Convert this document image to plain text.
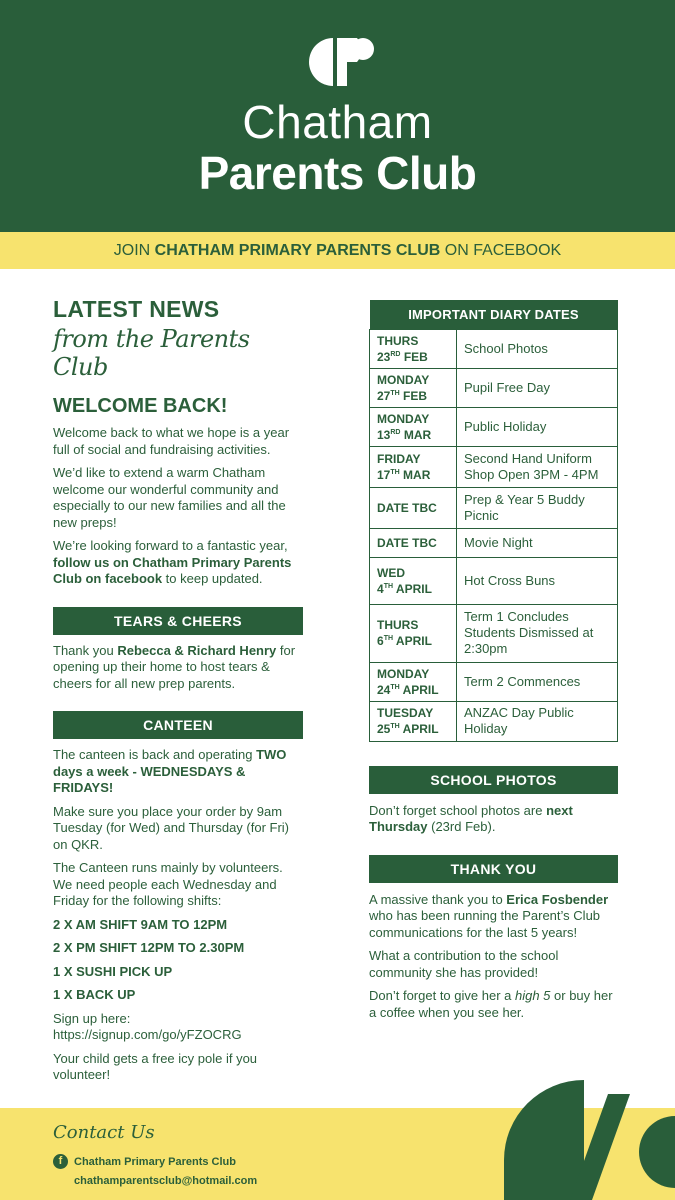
Chatham
Parents Club
JOIN CHATHAM PRIMARY PARENTS CLUB ON FACEBOOK
LATEST NEWS
from the Parents Club
WELCOME BACK!

Welcome back to what we hope is a year full of social and fundraising activities.

We’d like to extend a warm Chatham welcome our wonderful community and especially to our new families and all the new preps!

We’re looking forward to a fantastic year, follow us on Chatham Primary Parents Club on facebook to keep updated.

TEARS & CHEERS

Thank you Rebecca & Richard Henry for opening up their home to host tears & cheers for all new prep parents.

CANTEEN

The canteen is back and operating TWO days a week - WEDNESDAYS & FRIDAYS!

Make sure you place your order by 9am Tuesday (for Wed) and Thursday (for Fri) on QKR.

The Canteen runs mainly by volunteers. We need people each Wednesday and Friday for the following shifts:

2 X AM SHIFT 9AM TO 12PM

2 X PM SHIFT 12PM TO 2.30PM

1 X SUSHI PICK UP

1 X BACK UP

Sign up here:
https://signup.com/go/yFZOCRG

Your child gets a free icy pole if you volunteer!

IMPORTANT DIARY DATES	
THURS
23RD FEB	School Photos
MONDAY
27TH FEB	Pupil Free Day
MONDAY
13RD MAR	Public Holiday
FRIDAY
17TH MAR	Second Hand Uniform Shop Open 3PM - 4PM
DATE TBC	Prep & Year 5 Buddy Picnic
DATE TBC	Movie Night
WED
4TH APRIL	Hot Cross Buns
THURS
6TH APRIL	Term 1 Concludes Students Dismissed at 2:30pm
MONDAY
24TH APRIL	Term 2 Commences
TUESDAY
25TH APRIL	ANZAC Day Public Holiday
SCHOOL PHOTOS

Don’t forget school photos are next Thursday (23rd Feb).

THANK YOU

A massive thank you to Erica Fosbender who has been running the Parent’s Club communications for the last 5 years!

What a contribution to the school community she has provided!

Don’t forget to give her a high 5 or buy her a coffee when you see her.

Contact Us
f	Chatham Primary Parents Club
chathamparentsclub@hotmail.com
